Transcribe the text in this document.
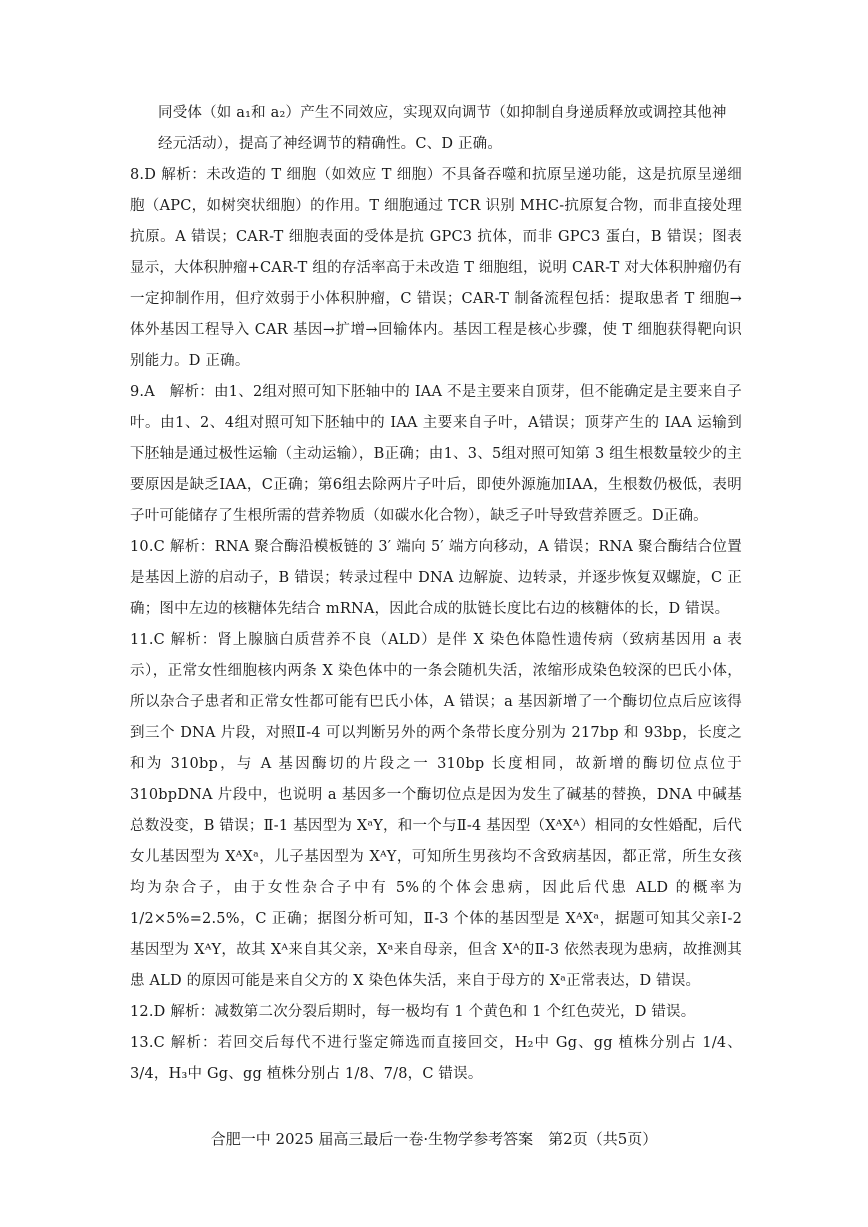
同受体（如 a₁和 a₂）产生不同效应，实现双向调节（如抑制自身递质释放或调控其他神

经元活动），提高了神经调节的精确性。C、D 正确。

8.D 解析：未改造的 T 细胞（如效应 T 细胞）不具备吞噬和抗原呈递功能，这是抗原呈递细胞（APC，如树突状细胞）的作用。T 细胞通过 TCR 识别 MHC-抗原复合物，而非直接处理抗原。A 错误；CAR-T 细胞表面的受体是抗 GPC3 抗体，而非 GPC3 蛋白，B 错误；图表显示，大体积肿瘤+CAR-T 组的存活率高于未改造 T 细胞组，说明 CAR-T 对大体积肿瘤仍有一定抑制作用，但疗效弱于小体积肿瘤，C 错误；CAR-T 制备流程包括：提取患者 T 细胞→体外基因工程导入 CAR 基因→扩增→回输体内。基因工程是核心步骤，使 T 细胞获得靶向识别能力。D 正确。

9.A　 解析：由1、2组对照可知下胚轴中的 IAA 不是主要来自顶芽，但不能确定是主要来自子叶。由1、2、4组对照可知下胚轴中的 IAA 主要来自子叶，A错误；顶芽产生的 IAA 运输到下胚轴是通过极性运输（主动运输），B正确；由1、3、5组对照可知第 3 组生根数量较少的主要原因是缺乏IAA，C正确；第6组去除两片子叶后，即使外源施加IAA，生根数仍极低，表明子叶可能储存了生根所需的营养物质（如碳水化合物），缺乏子叶导致营养匮乏。D正确。

10.C 解析：RNA 聚合酶沿模板链的 3′ 端向 5′ 端方向移动，A 错误；RNA 聚合酶结合位置是基因上游的启动子，B 错误；转录过程中 DNA 边解旋、边转录，并逐步恢复双螺旋，C 正确；图中左边的核糖体先结合 mRNA，因此合成的肽链长度比右边的核糖体的长，D 错误。

11.C 解析：肾上腺脑白质营养不良（ALD）是伴 X 染色体隐性遗传病（致病基因用 a 表示），正常女性细胞核内两条 X 染色体中的一条会随机失活，浓缩形成染色较深的巴氏小体，所以杂合子患者和正常女性都可能有巴氏小体，A 错误；a 基因新增了一个酶切位点后应该得到三个 DNA 片段，对照Ⅱ-4 可以判断另外的两个条带长度分别为 217bp 和 93bp，长度之和为 310bp，与 A 基因酶切的片段之一 310bp 长度相同，故新增的酶切位点位于 310bpDNA 片段中，也说明 a 基因多一个酶切位点是因为发生了碱基的替换，DNA 中碱基总数没变，B 错误；Ⅱ-1 基因型为 XᵃY，和一个与Ⅱ-4 基因型（XᴬXᴬ）相同的女性婚配，后代女儿基因型为 XᴬXᵃ，儿子基因型为 XᴬY，可知所生男孩均不含致病基因，都正常，所生女孩均为杂合子，由于女性杂合子中有 5%的个体会患病，因此后代患 ALD 的概率为 1/2×5%=2.5%，C 正确；据图分析可知，Ⅱ-3 个体的基因型是 XᴬXᵃ，据题可知其父亲Ⅰ-2 基因型为 XᴬY，故其 Xᴬ来自其父亲，Xᵃ来自母亲，但含 Xᴬ的Ⅱ-3 依然表现为患病，故推测其患 ALD 的原因可能是来自父方的 X 染色体失活，来自于母方的 Xᵃ正常表达，D 错误。

12.D 解析：减数第二次分裂后期时，每一极均有 1 个黄色和 1 个红色荧光，D 错误。

13.C 解析：若回交后每代不进行鉴定筛选而直接回交，H₂中 Gg、gg 植株分别占 1/4、3/4，H₃中 Gg、gg 植株分别占 1/8、7/8，C 错误。

合肥一中 2025 届高三最后一卷·生物学参考答案　第2页（共5页）
